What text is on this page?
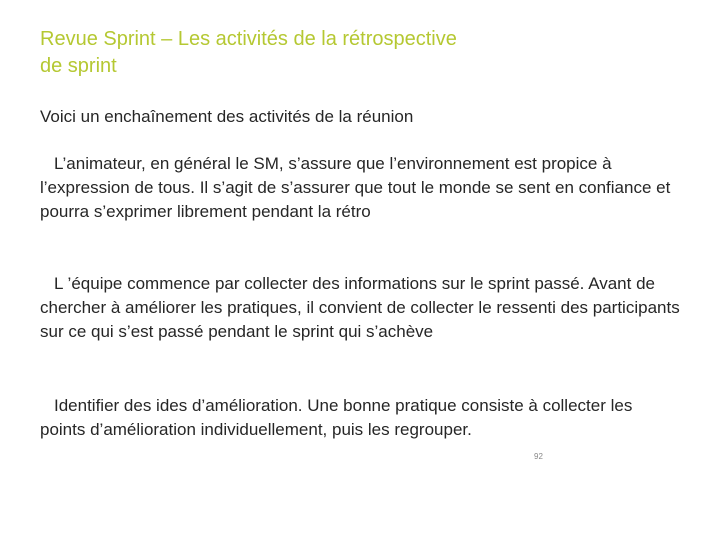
Revue Sprint – Les activités de la rétrospective
de sprint

Voici un enchaînement des activités de la réunion

L’animateur, en général le SM, s’assure que l’environnement est propice à l’expression de tous. Il s’agit de s’assurer que tout le monde se sent en confiance et pourra s’exprimer librement pendant la rétro

L ’équipe commence par collecter des informations sur le sprint passé. Avant de chercher à améliorer les pratiques, il convient de collecter le ressenti des participants sur ce qui s’est passé pendant le sprint qui s’achève

Identifier des ides d’amélioration. Une bonne pratique consiste à collecter les points d’amélioration individuellement, puis les regrouper.

92
